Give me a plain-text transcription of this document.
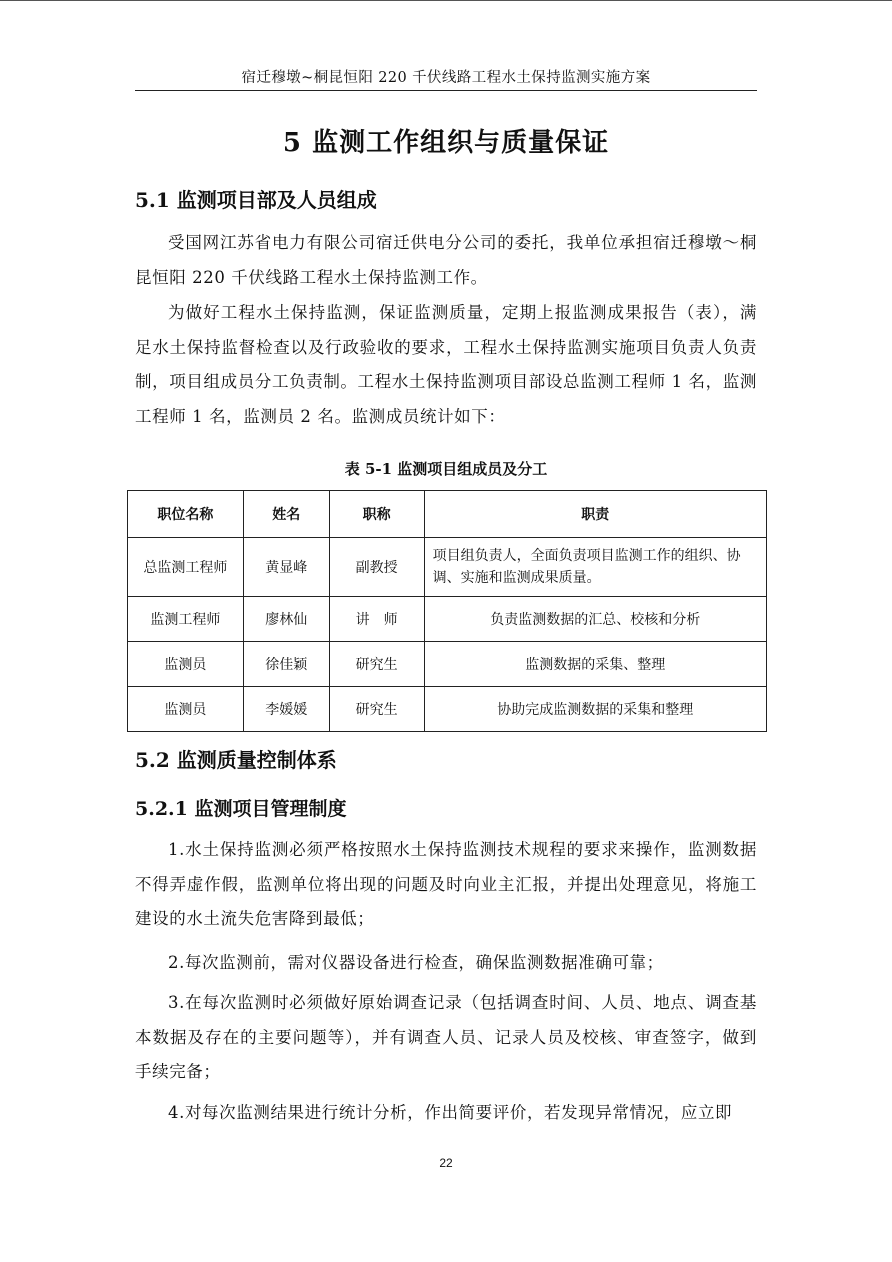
宿迁穆墩~桐昆恒阳 220 千伏线路工程水土保持监测实施方案
5 监测工作组织与质量保证
5.1 监测项目部及人员组成
受国网江苏省电力有限公司宿迁供电分公司的委托，我单位承担宿迁穆墩～桐昆恒阳 220 千伏线路工程水土保持监测工作。
为做好工程水土保持监测，保证监测质量，定期上报监测成果报告（表），满足水土保持监督检查以及行政验收的要求，工程水土保持监测实施项目负责人负责制，项目组成员分工负责制。工程水土保持监测项目部设总监测工程师 1 名，监测工程师 1 名，监测员 2 名。监测成员统计如下：
表 5-1 监测项目组成员及分工
职位名称	姓名	职称	职责
总监测工程师	黄显峰	副教授	项目组负责人，全面负责项目监测工作的组织、协调、实施和监测成果质量。
监测工程师	廖林仙	讲　师	负责监测数据的汇总、校核和分析
监测员	徐佳颖	研究生	监测数据的采集、整理
监测员	李媛媛	研究生	协助完成监测数据的采集和整理
5.2 监测质量控制体系
5.2.1 监测项目管理制度
1.水土保持监测必须严格按照水土保持监测技术规程的要求来操作，监测数据不得弄虚作假，监测单位将出现的问题及时向业主汇报，并提出处理意见，将施工建设的水土流失危害降到最低；
2.每次监测前，需对仪器设备进行检查，确保监测数据准确可靠；
3.在每次监测时必须做好原始调查记录（包括调查时间、人员、地点、调查基本数据及存在的主要问题等），并有调查人员、记录人员及校核、审查签字，做到手续完备；
4.对每次监测结果进行统计分析，作出简要评价，若发现异常情况，应立即
22
